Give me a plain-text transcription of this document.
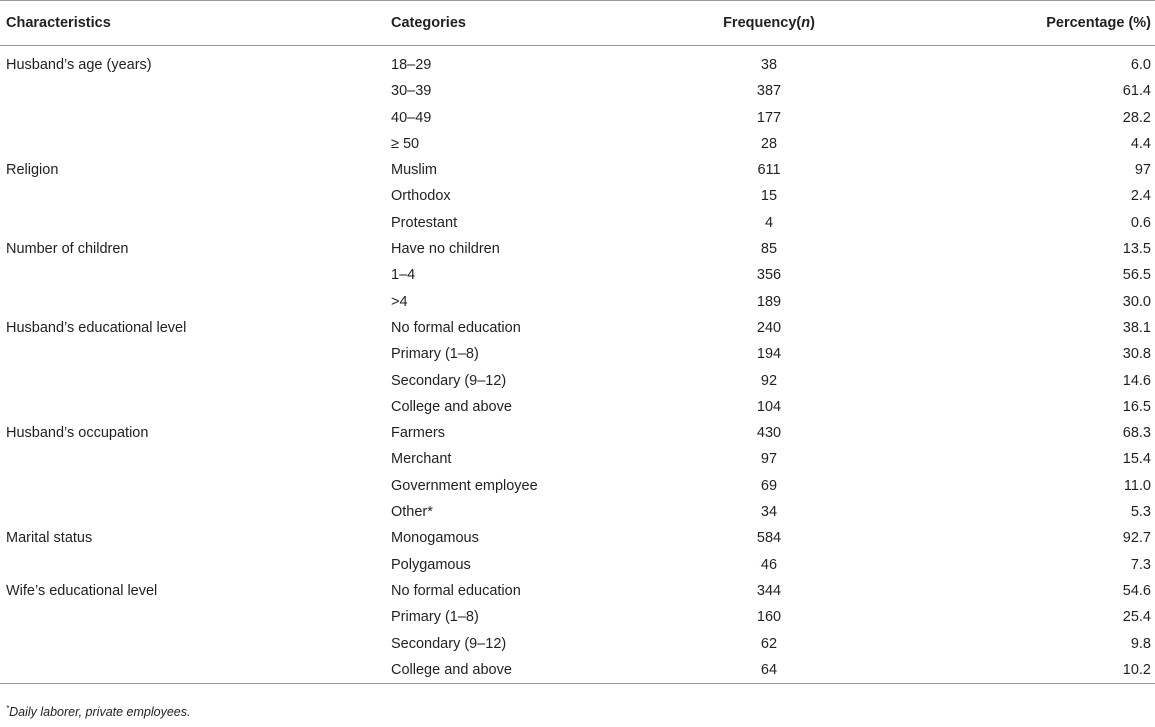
Characteristics	Categories	Frequency(n)	Percentage (%)
Husband’s age (years)	18–29	38	6.0
	30–39	387	61.4
	40–49	177	28.2
	≥ 50	28	4.4
Religion	Muslim	611	97
	Orthodox	15	2.4
	Protestant	4	0.6
Number of children	Have no children	85	13.5
	1–4	356	56.5
	>4	189	30.0
Husband’s educational level	No formal education	240	38.1
	Primary (1–8)	194	30.8
	Secondary (9–12)	92	14.6
	College and above	104	16.5
Husband’s occupation	Farmers	430	68.3
	Merchant	97	15.4
	Government employee	69	11.0
	Other*	34	5.3
Marital status	Monogamous	584	92.7
	Polygamous	46	7.3
Wife’s educational level	No formal education	344	54.6
	Primary (1–8)	160	25.4
	Secondary (9–12)	62	9.8
	College and above	64	10.2
*Daily laborer, private employees.
